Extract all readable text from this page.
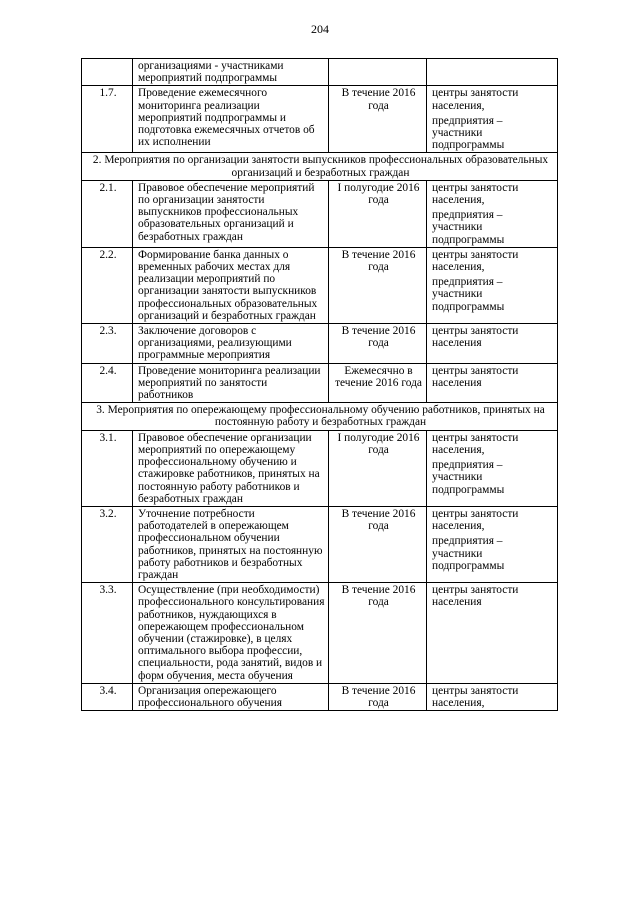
204
	организациями - участниками мероприятий подпрограммы		
1.7.	Проведение ежемесячного мониторинга реализации мероприятий подпрограммы и подготовка ежемесячных отчетов об их исполнении	В течение 2016 года	центры занятости населения,
предприятия – участники подпрограммы

2. Мероприятия по организации занятости выпускников профессиональных образовательных организаций и безработных граждан			
2.1.	Правовое обеспечение мероприятий по организации занятости выпускников профессиональных образовательных организаций и безработных граждан	I полугодие 2016 года	центры занятости населения,
предприятия – участники подпрограммы

2.2.	Формирование банка данных о временных рабочих местах для реализации мероприятий по организации занятости выпускников профессиональных образовательных организаций и безработных граждан	В течение 2016 года	центры занятости населения,
предприятия – участники подпрограммы

2.3.	Заключение договоров с организациями, реализующими программные мероприятия	В течение 2016 года	центры занятости населения

2.4.	Проведение мониторинга реализации мероприятий по занятости работников	Ежемесячно в течение 2016 года	центры занятости населения

3. Мероприятия по опережающему профессиональному обучению работников, принятых на постоянную работу и безработных граждан			
3.1.	Правовое обеспечение организации мероприятий по опережающему профессиональному обучению и стажировке работников, принятых на постоянную работу работников и безработных граждан	I полугодие 2016 года	центры занятости населения,
предприятия – участники подпрограммы

3.2.	Уточнение потребности работодателей в опережающем профессиональном обучении работников, принятых на постоянную работу работников и безработных граждан	В течение 2016 года	центры занятости населения,
предприятия – участники подпрограммы

3.3.	Осуществление (при необходимости) профессионального консультирования работников, нуждающихся в опережающем профессиональном обучении (стажировке), в целях оптимального выбора профессии, специальности, рода занятий, видов и форм обучения, места обучения	В течение 2016 года	центры занятости населения

3.4.	Организация опережающего профессионального обучения	В течение 2016 года	центры занятости населения,
